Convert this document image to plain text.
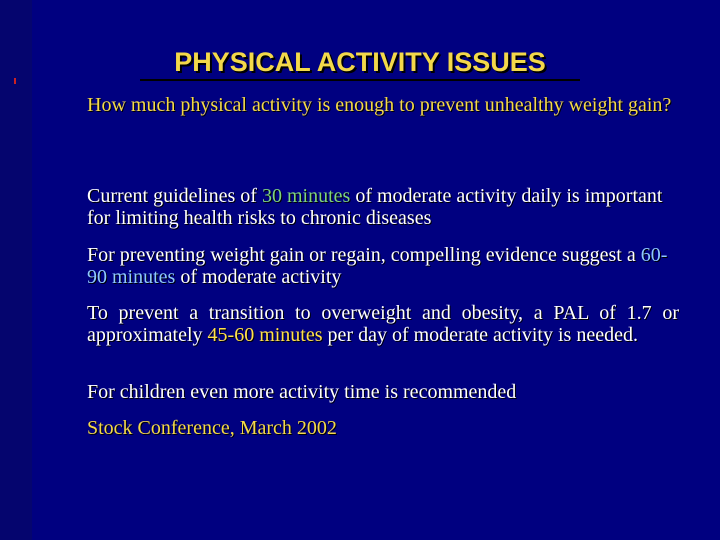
PHYSICAL ACTIVITY ISSUES
How much physical activity is enough to prevent unhealthy weight gain?
Current guidelines of 30 minutes of moderate activity daily is important for limiting health risks to chronic diseases
For preventing weight gain or regain, compelling evidence suggest a 60-90 minutes of moderate activity
To prevent a transition to overweight and obesity, a PAL of 1.7 or approximately 45-60 minutes per day of moderate activity is needed.
For children even more activity time is recommended
Stock Conference, March 2002
